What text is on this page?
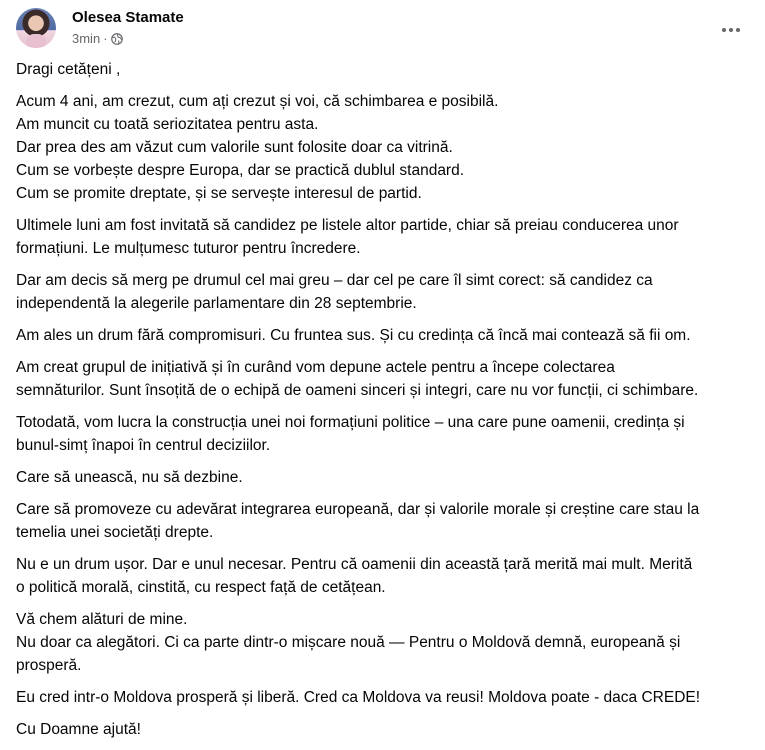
Olesea Stamate
3min ·

Dragi cetățeni ,

Acum 4 ani, am crezut, cum ați crezut și voi, că schimbarea e posibilă.
Am muncit cu toată seriozitatea pentru asta.
Dar prea des am văzut cum valorile sunt folosite doar ca vitrină.
Cum se vorbește despre Europa, dar se practică dublul standard.
Cum se promite dreptate, și se servește interesul de partid.

Ultimele luni am fost invitată să candidez pe listele altor partide, chiar să preiau conducerea unor
formațiuni. Le mulțumesc tuturor pentru încredere.

Dar am decis să merg pe drumul cel mai greu – dar cel pe care îl simt corect: să candidez ca
independentă la alegerile parlamentare din 28 septembrie.

Am ales un drum fără compromisuri. Cu fruntea sus. Și cu credința că încă mai contează să fii om.

Am creat grupul de inițiativă și în curând vom depune actele pentru a începe colectarea
semnăturilor. Sunt însoțită de o echipă de oameni sinceri și integri, care nu vor funcții, ci schimbare.

Totodată, vom lucra la construcția unei noi formațiuni politice – una care pune oamenii, credința și
bunul-simț înapoi în centrul deciziilor.

Care să unească, nu să dezbine.

Care să promoveze cu adevărat integrarea europeană, dar și valorile morale și creștine care stau la
temelia unei societăți drepte.

Nu e un drum ușor. Dar e unul necesar. Pentru că oamenii din această țară merită mai mult. Merită
o politică morală, cinstită, cu respect față de cetățean.

Vă chem alături de mine.
Nu doar ca alegători. Ci ca parte dintr-o mișcare nouă — Pentru o Moldovă demnă, europeană și
prosperă.

Eu cred intr-o Moldova prosperă și liberă. Cred ca Moldova va reusi! Moldova poate - daca CREDE!

Cu Doamne ajută!
